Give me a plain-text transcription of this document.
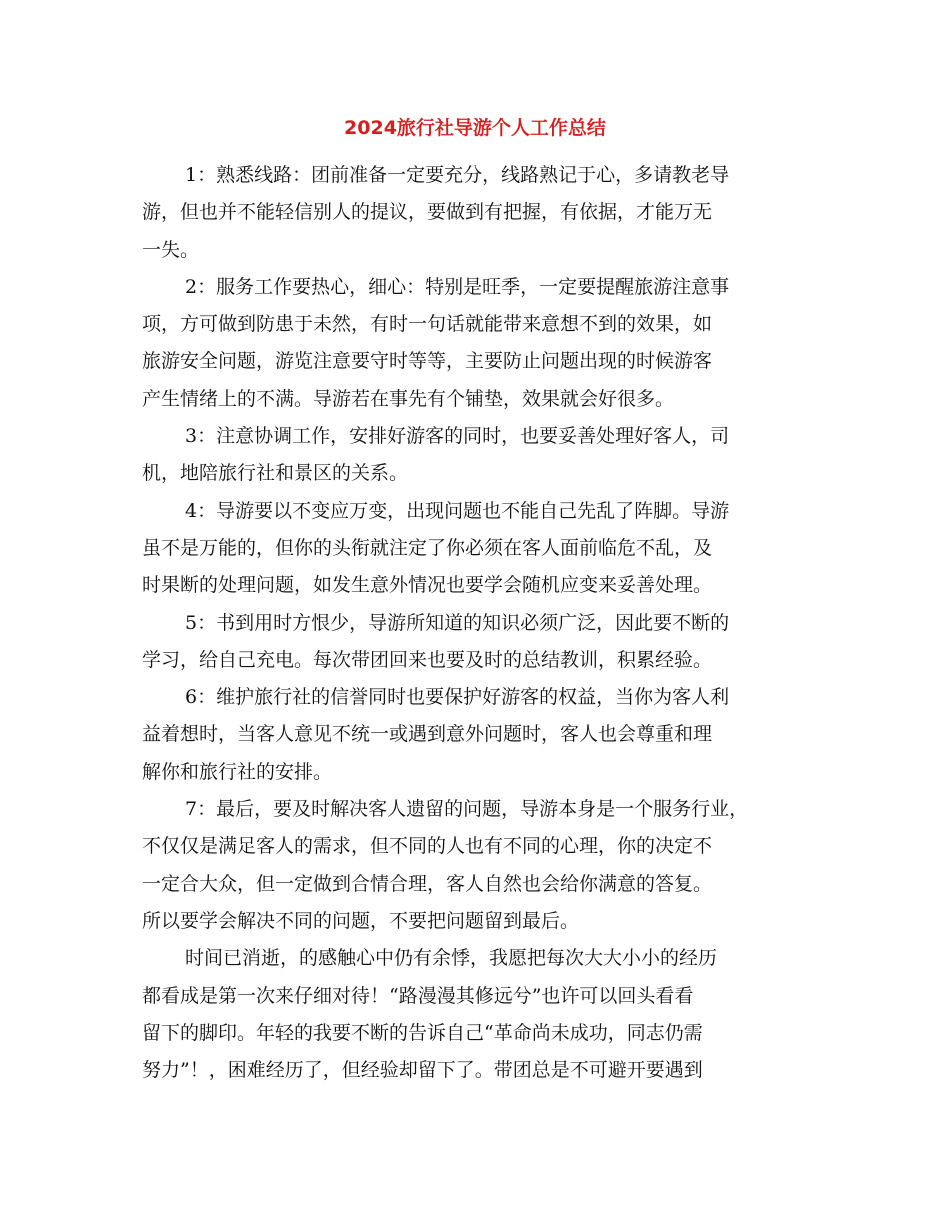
2024旅行社导游个人工作总结
1：熟悉线路：团前准备一定要充分，线路熟记于心，多请教老导
游，但也并不能轻信别人的提议，要做到有把握，有依据，才能万无
一失。
2：服务工作要热心，细心：特别是旺季，一定要提醒旅游注意事
项，方可做到防患于未然，有时一句话就能带来意想不到的效果，如
旅游安全问题，游览注意要守时等等，主要防止问题出现的时候游客
产生情绪上的不满。导游若在事先有个铺垫，效果就会好很多。
3：注意协调工作，安排好游客的同时，也要妥善处理好客人，司
机，地陪旅行社和景区的关系。
4：导游要以不变应万变，出现问题也不能自己先乱了阵脚。导游
虽不是万能的，但你的头衔就注定了你必须在客人面前临危不乱，及
时果断的处理问题，如发生意外情况也要学会随机应变来妥善处理。
5：书到用时方恨少，导游所知道的知识必须广泛，因此要不断的
学习，给自己充电。每次带团回来也要及时的总结教训，积累经验。
6：维护旅行社的信誉同时也要保护好游客的权益，当你为客人利
益着想时，当客人意见不统一或遇到意外问题时，客人也会尊重和理
解你和旅行社的安排。
7：最后，要及时解决客人遗留的问题，导游本身是一个服务行业，
不仅仅是满足客人的需求，但不同的人也有不同的心理，你的决定不
一定合大众，但一定做到合情合理，客人自然也会给你满意的答复。
所以要学会解决不同的问题，不要把问题留到最后。
时间已消逝，的感触心中仍有余悸，我愿把每次大大小小的经历
都看成是第一次来仔细对待！“路漫漫其修远兮”也许可以回头看看
留下的脚印。年轻的我要不断的告诉自己“革命尚未成功，同志仍需
努力”！，困难经历了，但经验却留下了。带团总是不可避开要遇到
